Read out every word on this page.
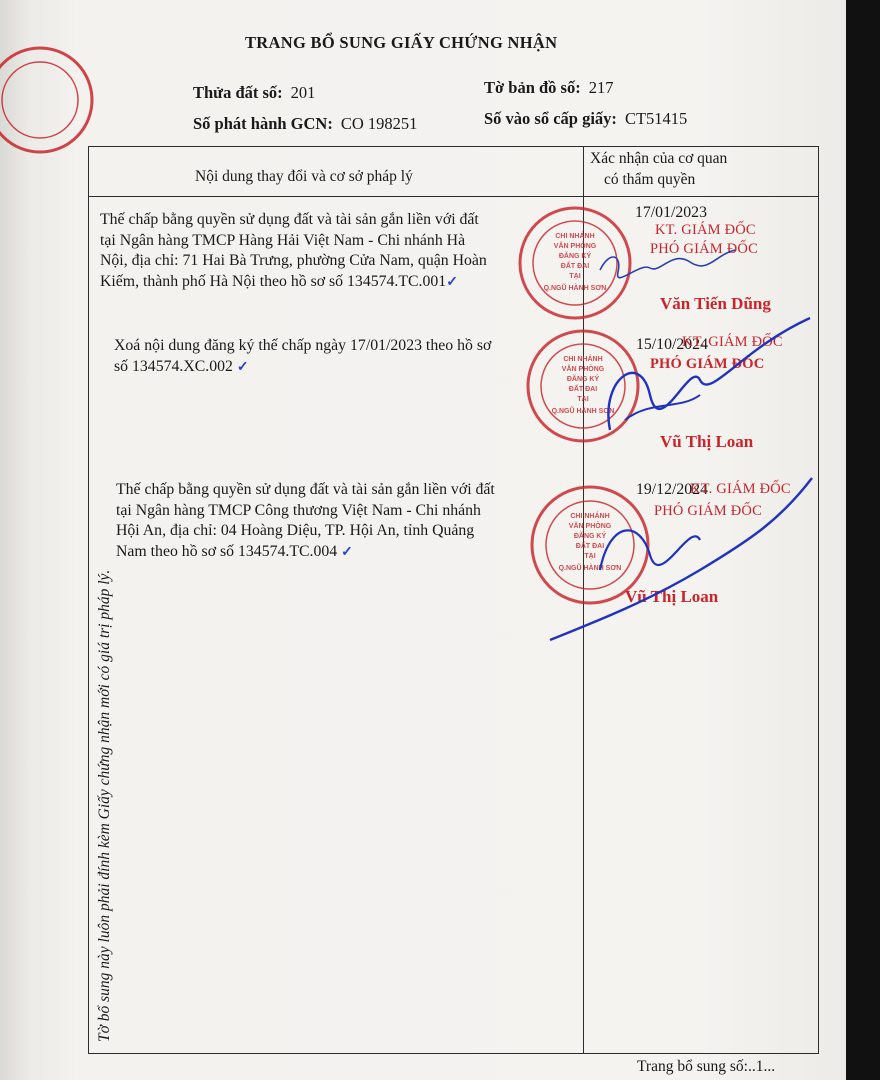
TRANG BỔ SUNG GIẤY CHỨNG NHẬN
Thửa đất số: 201	Tờ bản đồ số: 217
Số phát hành GCN: CO 198251	Số vào sổ cấp giấy: CT51415
Nội dung thay đổi và cơ sở pháp lý
Xác nhận của cơ quan
có thẩm quyền
Thế chấp bằng quyền sử dụng đất và tài sản gắn liền với đất
tại Ngân hàng TMCP Hàng Hải Việt Nam - Chi nhánh Hà
Nội, địa chỉ: 71 Hai Bà Trưng, phường Cửa Nam, quận Hoàn
Kiếm, thành phố Hà Nội theo hồ sơ số 134574.TC.001✓
17/01/2023
KT. GIÁM ĐỐC
PHÓ GIÁM ĐỐC
Văn Tiến Dũng
Xoá nội dung đăng ký thế chấp ngày 17/01/2023 theo hồ sơ
số 134574.XC.002 ✓
15/10/2024
KT. GIÁM ĐỐC
PHÓ GIÁM ĐỐC
Vũ Thị Loan
Thế chấp bằng quyền sử dụng đất và tài sản gắn liền với đất
tại Ngân hàng TMCP Công thương Việt Nam - Chi nhánh
Hội An, địa chỉ: 04 Hoàng Diệu, TP. Hội An, tỉnh Quảng
Nam theo hồ sơ số 134574.TC.004 ✓
19/12/2024
KT. GIÁM ĐỐC
PHÓ GIÁM ĐỐC
Vũ Thị Loan
Tờ bổ sung này luôn phải đính kèm Giấy chứng nhận mới có giá trị pháp lý.
Trang bổ sung số:..1...
CHI NHÁNH
VĂN PHÒNG
ĐĂNG KÝ
ĐẤT ĐAI
TẠI
Q.NGŨ HÀNH SƠN
CHI NHÁNH
VĂN PHÒNG
ĐĂNG KÝ
ĐẤT ĐAI
TẠI
Q.NGŨ HÀNH SƠN
CHI NHÁNH
VĂN PHÒNG
ĐĂNG KÝ
ĐẤT ĐAI
TẠI
Q.NGŨ HÀNH SƠN
